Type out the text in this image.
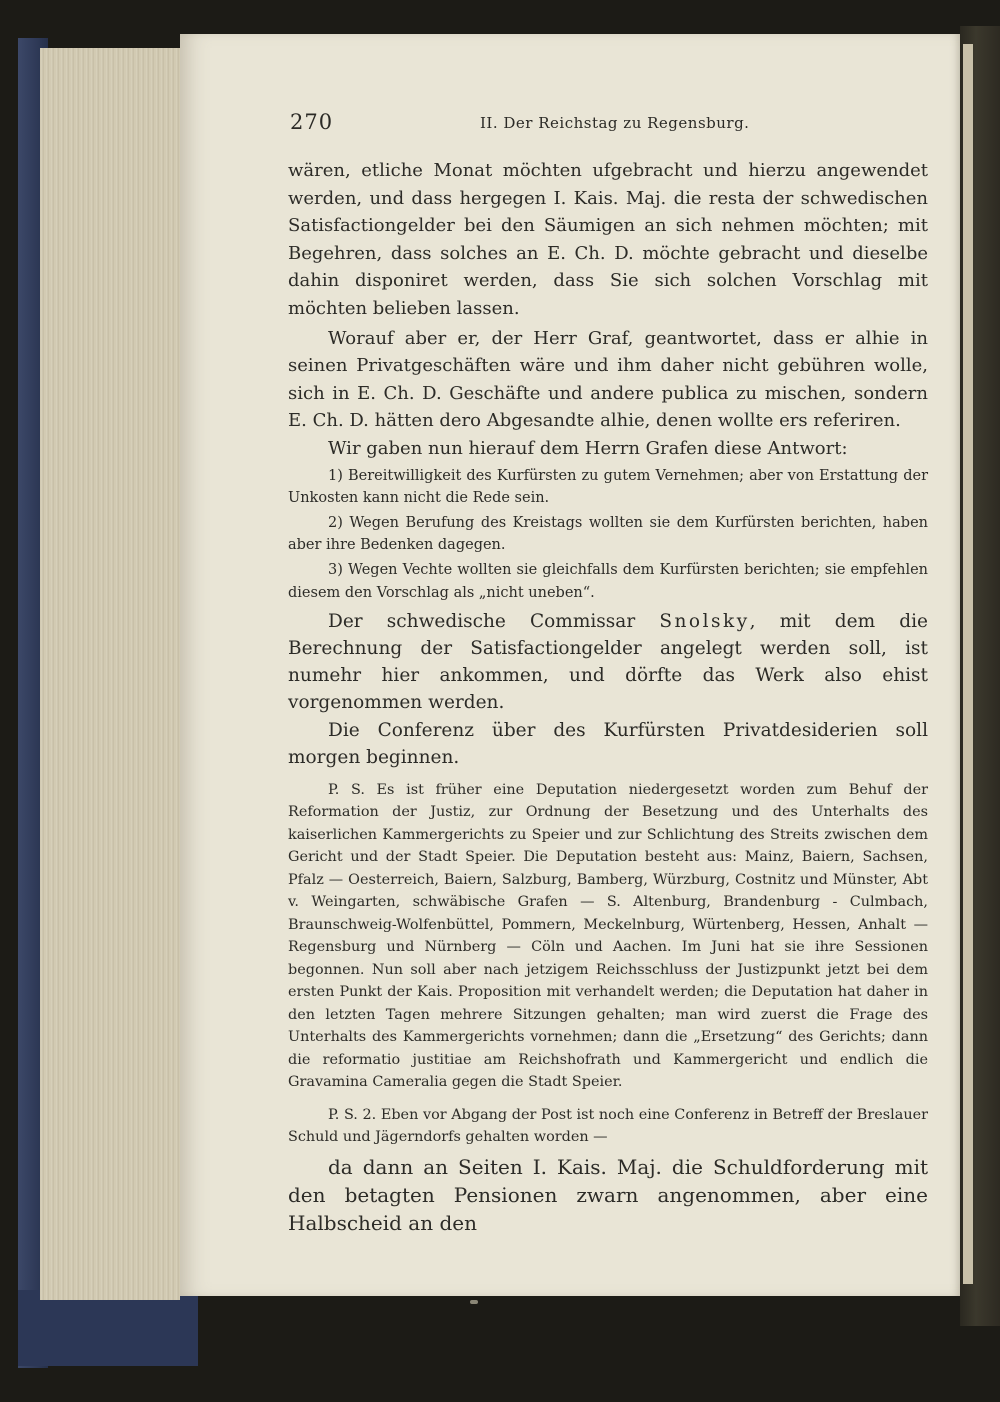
270	II. Der Reichstag zu Regensburg.

wären, etliche Monat möchten ufgebracht und hierzu angewendet werden, und dass hergegen I. Kais. Maj. die resta der schwedischen Satisfactiongelder bei den Säumigen an sich nehmen möchten; mit Begehren, dass solches an E. Ch. D. möchte gebracht und dieselbe dahin disponiret werden, dass Sie sich solchen Vorschlag mit möchten belieben lassen.

Worauf aber er, der Herr Graf, geantwortet, dass er alhie in seinen Privatgeschäften wäre und ihm daher nicht gebühren wolle, sich in E. Ch. D. Geschäfte und andere publica zu mischen, sondern E. Ch. D. hätten dero Abgesandte alhie, denen wollte ers referiren.

Wir gaben nun hierauf dem Herrn Grafen diese Antwort:

1) Bereitwilligkeit des Kurfürsten zu gutem Vernehmen; aber von Erstattung der Unkosten kann nicht die Rede sein.

2) Wegen Berufung des Kreistags wollten sie dem Kurfürsten berichten, haben aber ihre Bedenken dagegen.

3) Wegen Vechte wollten sie gleichfalls dem Kurfürsten berichten; sie empfehlen diesem den Vorschlag als „nicht uneben“.

Der schwedische Commissar Snolsky, mit dem die Berechnung der Satisfactiongelder angelegt werden soll, ist numehr hier ankommen, und dörfte das Werk also ehist vorgenommen werden.

Die Conferenz über des Kurfürsten Privatdesiderien soll morgen beginnen.

P. S. Es ist früher eine Deputation niedergesetzt worden zum Behuf der Reformation der Justiz, zur Ordnung der Besetzung und des Unterhalts des kaiserlichen Kammergerichts zu Speier und zur Schlichtung des Streits zwischen dem Gericht und der Stadt Speier. Die Deputation besteht aus: Mainz, Baiern, Sachsen, Pfalz — Oesterreich, Baiern, Salzburg, Bamberg, Würzburg, Costnitz und Münster, Abt v. Weingarten, schwäbische Grafen — S. Altenburg, Brandenburg - Culmbach, Braunschweig-Wolfenbüttel, Pommern, Meckelnburg, Würtenberg, Hessen, Anhalt — Regensburg und Nürnberg — Cöln und Aachen. Im Juni hat sie ihre Sessionen begonnen. Nun soll aber nach jetzigem Reichsschluss der Justizpunkt jetzt bei dem ersten Punkt der Kais. Proposition mit verhandelt werden; die Deputation hat daher in den letzten Tagen mehrere Sitzungen gehalten; man wird zuerst die Frage des Unterhalts des Kammergerichts vornehmen; dann die „Ersetzung“ des Gerichts; dann die reformatio justitiae am Reichshofrath und Kammergericht und endlich die Gravamina Cameralia gegen die Stadt Speier.

P. S. 2. Eben vor Abgang der Post ist noch eine Conferenz in Betreff der Breslauer Schuld und Jägerndorfs gehalten worden —

da dann an Seiten I. Kais. Maj. die Schuldforderung mit den betagten Pensionen zwarn angenommen, aber eine Halbscheid an den
